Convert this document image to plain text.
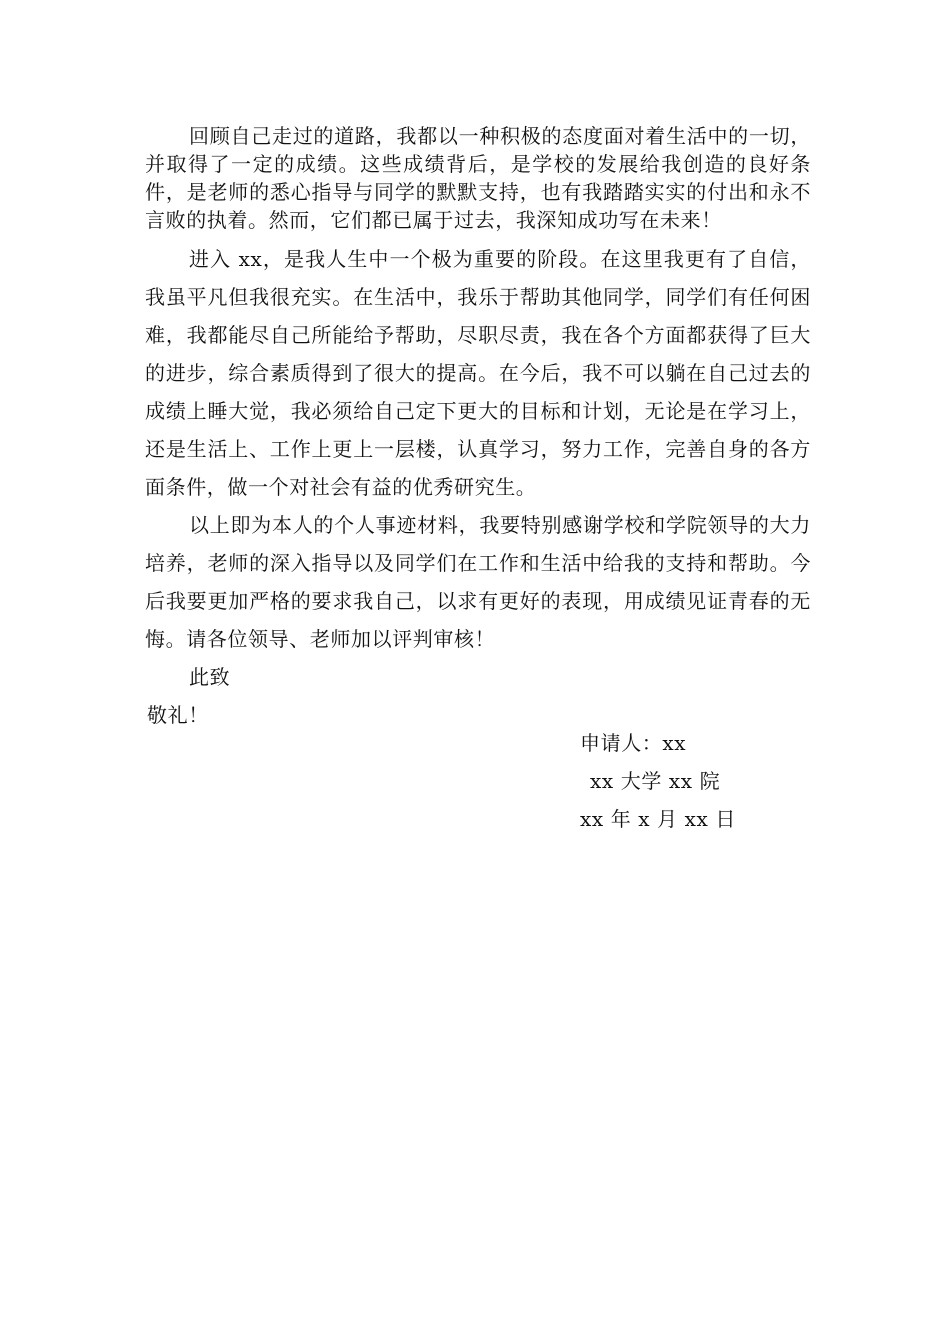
回顾自己走过的道路，我都以一种积极的态度面对着生活中的一切，并取得了一定的成绩。这些成绩背后，是学校的发展给我创造的良好条件，是老师的悉心指导与同学的默默支持，也有我踏踏实实的付出和永不言败的执着。然而，它们都已属于过去，我深知成功写在未来！

进入 xx，是我人生中一个极为重要的阶段。在这里我更有了自信，我虽平凡但我很充实。在生活中，我乐于帮助其他同学，同学们有任何困难，我都能尽自己所能给予帮助，尽职尽责，我在各个方面都获得了巨大的进步，综合素质得到了很大的提高。在今后，我不可以躺在自己过去的成绩上睡大觉，我必须给自己定下更大的目标和计划，无论是在学习上，还是生活上、工作上更上一层楼，认真学习，努力工作，完善自身的各方面条件，做一个对社会有益的优秀研究生。

以上即为本人的个人事迹材料，我要特别感谢学校和学院领导的大力培养，老师的深入指导以及同学们在工作和生活中给我的支持和帮助。今后我要更加严格的要求我自己，以求有更好的表现，用成绩见证青春的无悔。请各位领导、老师加以评判审核！

此致

敬礼！

申请人：xx

xx 大学 xx 院

xx 年 x 月 xx 日
